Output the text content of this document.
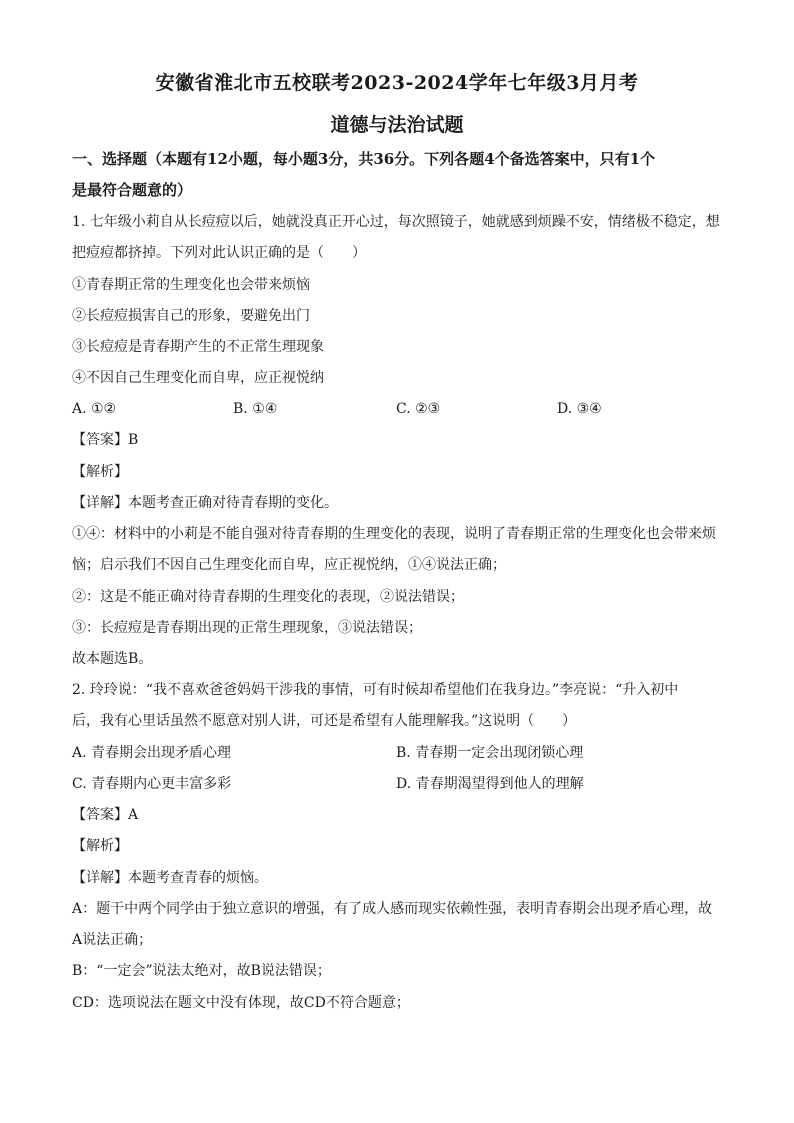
安徽省淮北市五校联考2023-2024学年七年级3月月考
道德与法治试题
一、选择题（本题有12小题，每小题3分，共36分。下列各题4个备选答案中，只有1个
是最符合题意的）
1. 七年级小莉自从长痘痘以后，她就没真正开心过，每次照镜子，她就感到烦躁不安，情绪极不稳定，想
把痘痘都挤掉。下列对此认识正确的是（　　）
①青春期正常的生理变化也会带来烦恼
②长痘痘损害自己的形象，要避免出门
③长痘痘是青春期产生的不正常生理现象
④不因自己生理变化而自卑，应正视悦纳
A. ①②	B. ①④	C. ②③	D. ③④
【答案】B
【解析】
【详解】本题考查正确对待青春期的变化。
①④：材料中的小莉是不能自强对待青春期的生理变化的表现，说明了青春期正常的生理变化也会带来烦
恼；启示我们不因自己生理变化而自卑，应正视悦纳，①④说法正确；
②：这是不能正确对待青春期的生理变化的表现，②说法错误；
③：长痘痘是青春期出现的正常生理现象，③说法错误；
故本题选B。
2. 玲玲说：“我不喜欢爸爸妈妈干涉我的事情，可有时候却希望他们在我身边。”李亮说：“升入初中
后，我有心里话虽然不愿意对别人讲，可还是希望有人能理解我。”这说明（　　）
A. 青春期会出现矛盾心理	B. 青春期一定会出现闭锁心理
C. 青春期内心更丰富多彩	D. 青春期渴望得到他人的理解
【答案】A
【解析】
【详解】本题考查青春的烦恼。
A：题干中两个同学由于独立意识的增强，有了成人感而现实依赖性强，表明青春期会出现矛盾心理，故
A说法正确；
B：“一定会”说法太绝对，故B说法错误；
CD：选项说法在题文中没有体现，故CD不符合题意；
